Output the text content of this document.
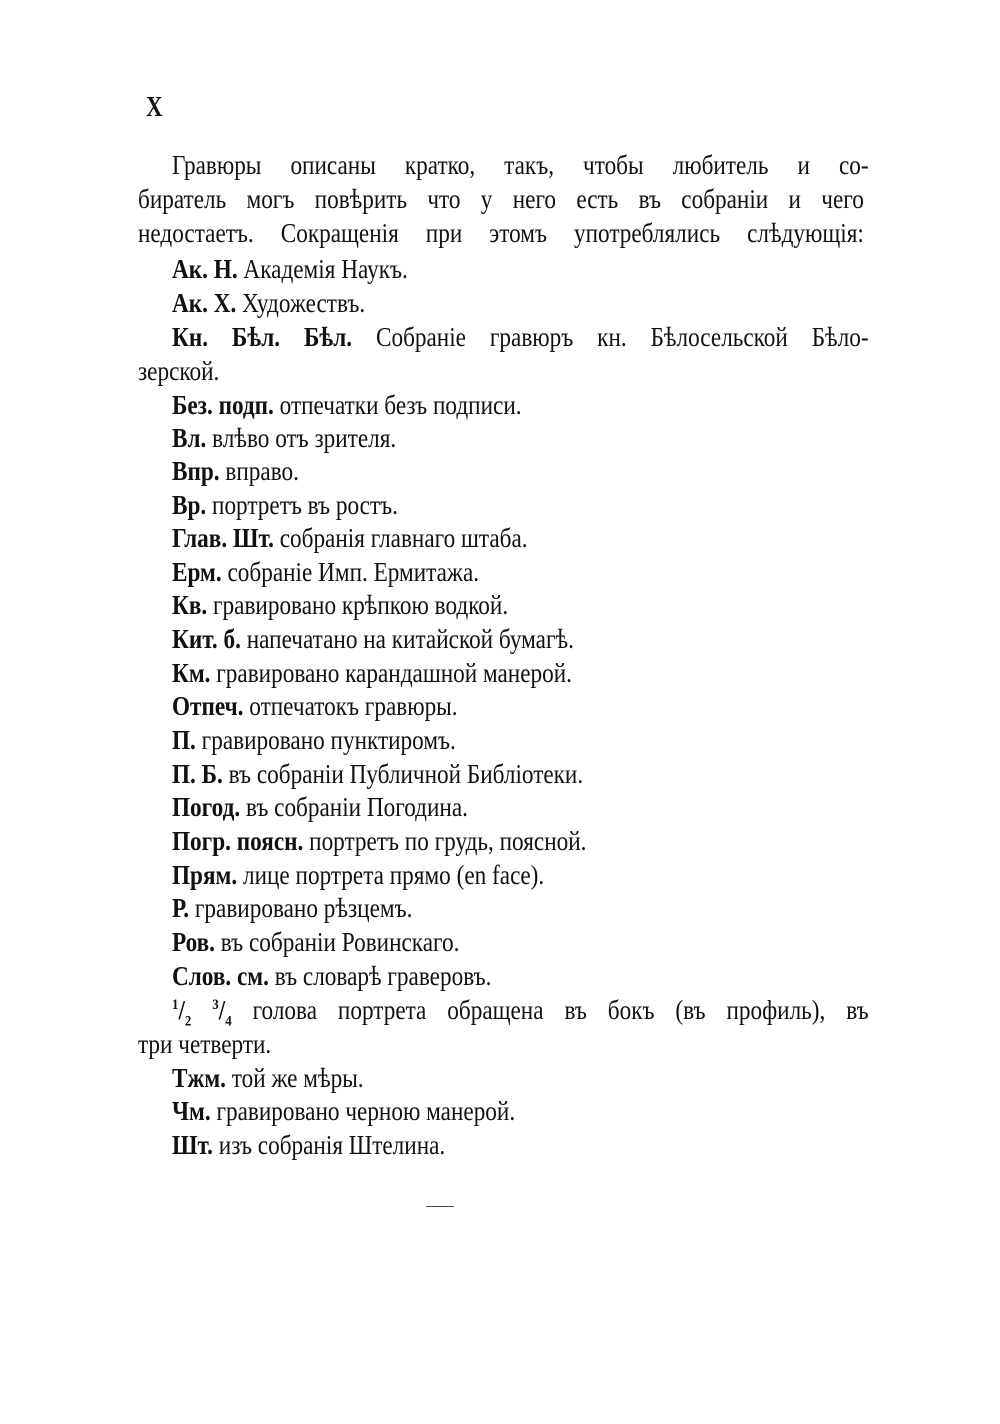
X
Гравюры описаны кратко, такъ, чтобы любитель и со-
биратель могъ повѣрить что у него есть въ собраніи и чего
недостаетъ. Сокращенія при этомъ употреблялись слѣдующія:
Ак. Н. Академія Наукъ.
Ак. Х. Художествъ.
Кн. Бѣл. Бѣл. Собраніе гравюръ кн. Бѣлосельской Бѣло-
зерской.
Без. подп. отпечатки безъ подписи.
Вл. влѣво отъ зрителя.
Впр. вправо.
Вр. портретъ въ ростъ.
Глав. Шт. собранія главнаго штаба.
Ерм. собраніе Имп. Ермитажа.
Кв. гравировано крѣпкою водкой.
Кит. б. напечатано на китайской бумагѣ.
Км. гравировано карандашной манерой.
Отпеч. отпечатокъ гравюры.
П. гравировано пунктиромъ.
П. Б. въ собраніи Публичной Библіотеки.
Погод. въ собраніи Погодина.
Погр. поясн. портретъ по грудь, поясной.
Прям. лице портрета прямо (en face).
Р. гравировано рѣзцемъ.
Ров. въ собраніи Ровинскаго.
Слов. см. въ словарѣ граверовъ.
$^1/_2$ $^3/_4$ голова портрета обращена въ бокъ (въ профиль), въ
три четверти.
Тжм. той же мѣры.
Чм. гравировано черною манерой.
Шт. изъ собранія Штелина.
